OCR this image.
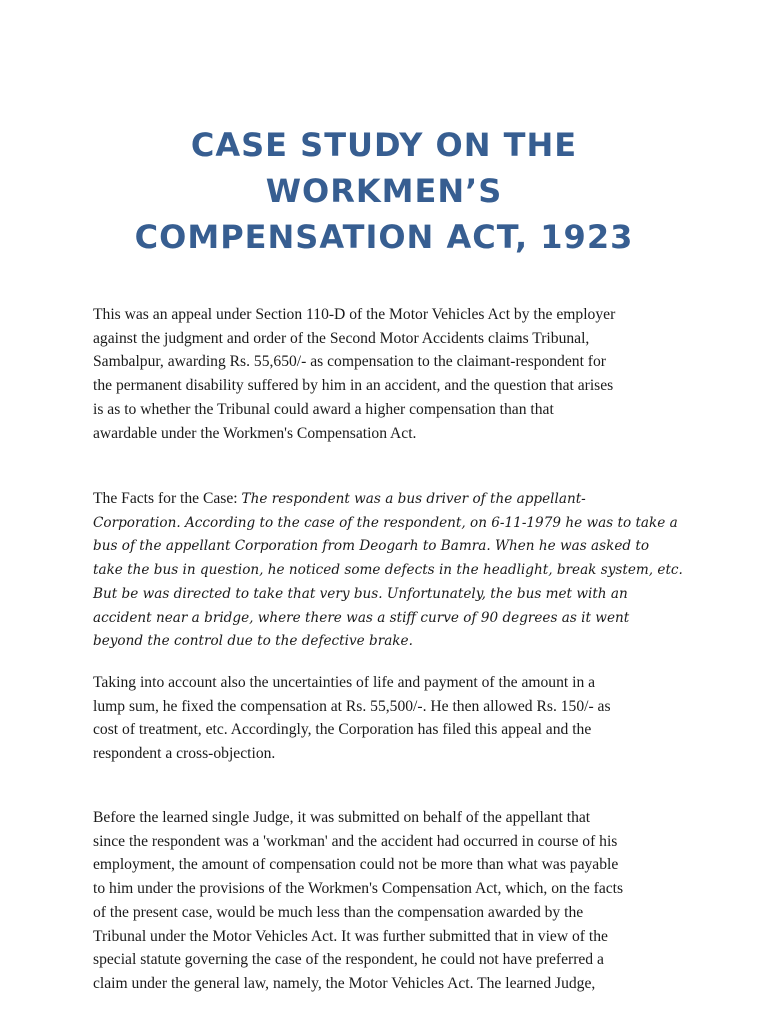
CASE STUDY ON THE
WORKMEN’S
COMPENSATION ACT, 1923

This was an appeal under Section 110-D of the Motor Vehicles Act by the employer
against the judgment and order of the Second Motor Accidents claims Tribunal,
Sambalpur, awarding Rs. 55,650/- as compensation to the claimant-respondent for
the permanent disability suffered by him in an accident, and the question that arises
is as to whether the Tribunal could award a higher compensation than that
awardable under the Workmen's Compensation Act.

The Facts for the Case: The respondent was a bus driver of the appellant-
Corporation. According to the case of the respondent, on 6-11-1979 he was to take a
bus of the appellant Corporation from Deogarh to Bamra. When he was asked to
take the bus in question, he noticed some defects in the headlight, break system, etc.
But be was directed to take that very bus. Unfortunately, the bus met with an
accident near a bridge, where there was a stiff curve of 90 degrees as it went
beyond the control due to the defective brake.

Taking into account also the uncertainties of life and payment of the amount in a
lump sum, he fixed the compensation at Rs. 55,500/-. He then allowed Rs. 150/- as
cost of treatment, etc. Accordingly, the Corporation has filed this appeal and the
respondent a cross-objection.

Before the learned single Judge, it was submitted on behalf of the appellant that
since the respondent was a 'workman' and the accident had occurred in course of his
employment, the amount of compensation could not be more than what was payable
to him under the provisions of the Workmen's Compensation Act, which, on the facts
of the present case, would be much less than the compensation awarded by the
Tribunal under the Motor Vehicles Act. It was further submitted that in view of the
special statute governing the case of the respondent, he could not have preferred a
claim under the general law, namely, the Motor Vehicles Act. The learned Judge,
